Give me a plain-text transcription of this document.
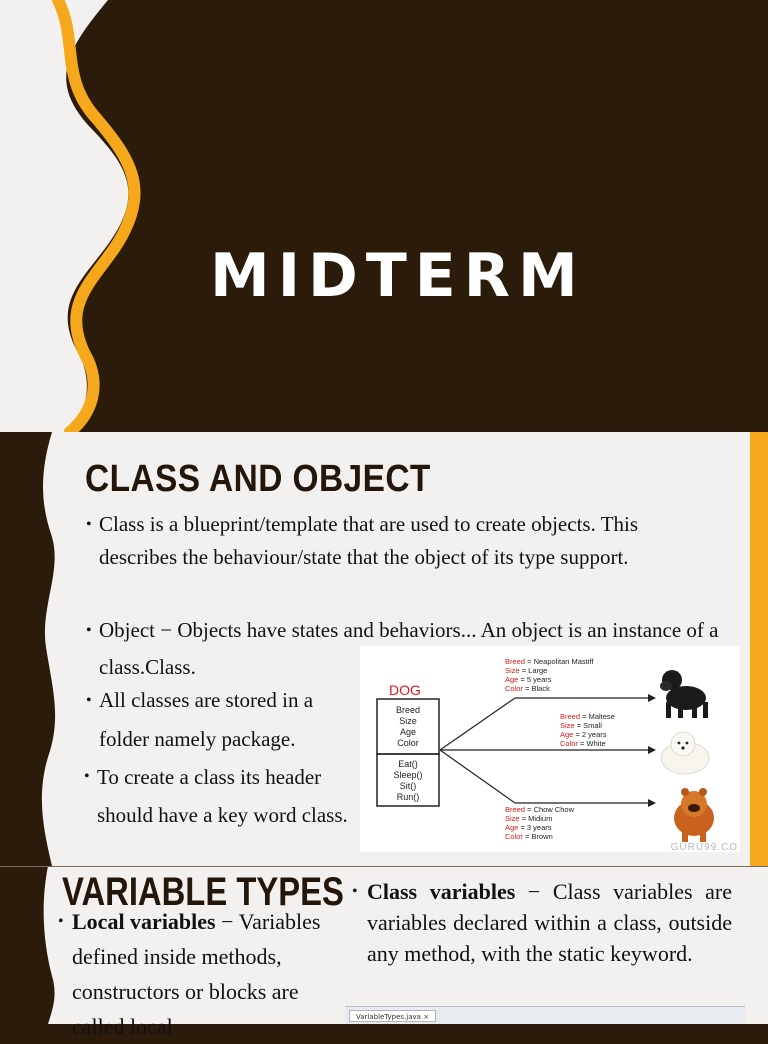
MIDTERM
CLASS AND OBJECT
• Class is a blueprint/template that are used to create objects. This describes the behaviour/state that the object of its type support.
• Object − Objects have states and behaviors... An object is an instance of a class.Class.
• All classes are stored in a folder namely package.
• To create a class its header should have a key word class.
DOG
Breed
Size
Age
Color
Eat()
Sleep()
Sit()
Run()
Breed = Neapolitan Mastiff
Size = Large
Age = 5 years
Color = Black
Breed = Maltese
Size = Small
Age = 2 years
Color = White
Breed = Chow Chow
Size = Midium
Age = 3 years
Color = Brown
GURU99.CO
VARIABLE TYPES
• Local variables − Variables defined inside methods, constructors or blocks are called local
• Class variables − Class variables are variables declared within a class, outside any method, with the static keyword.
VariableTypes.java ×
